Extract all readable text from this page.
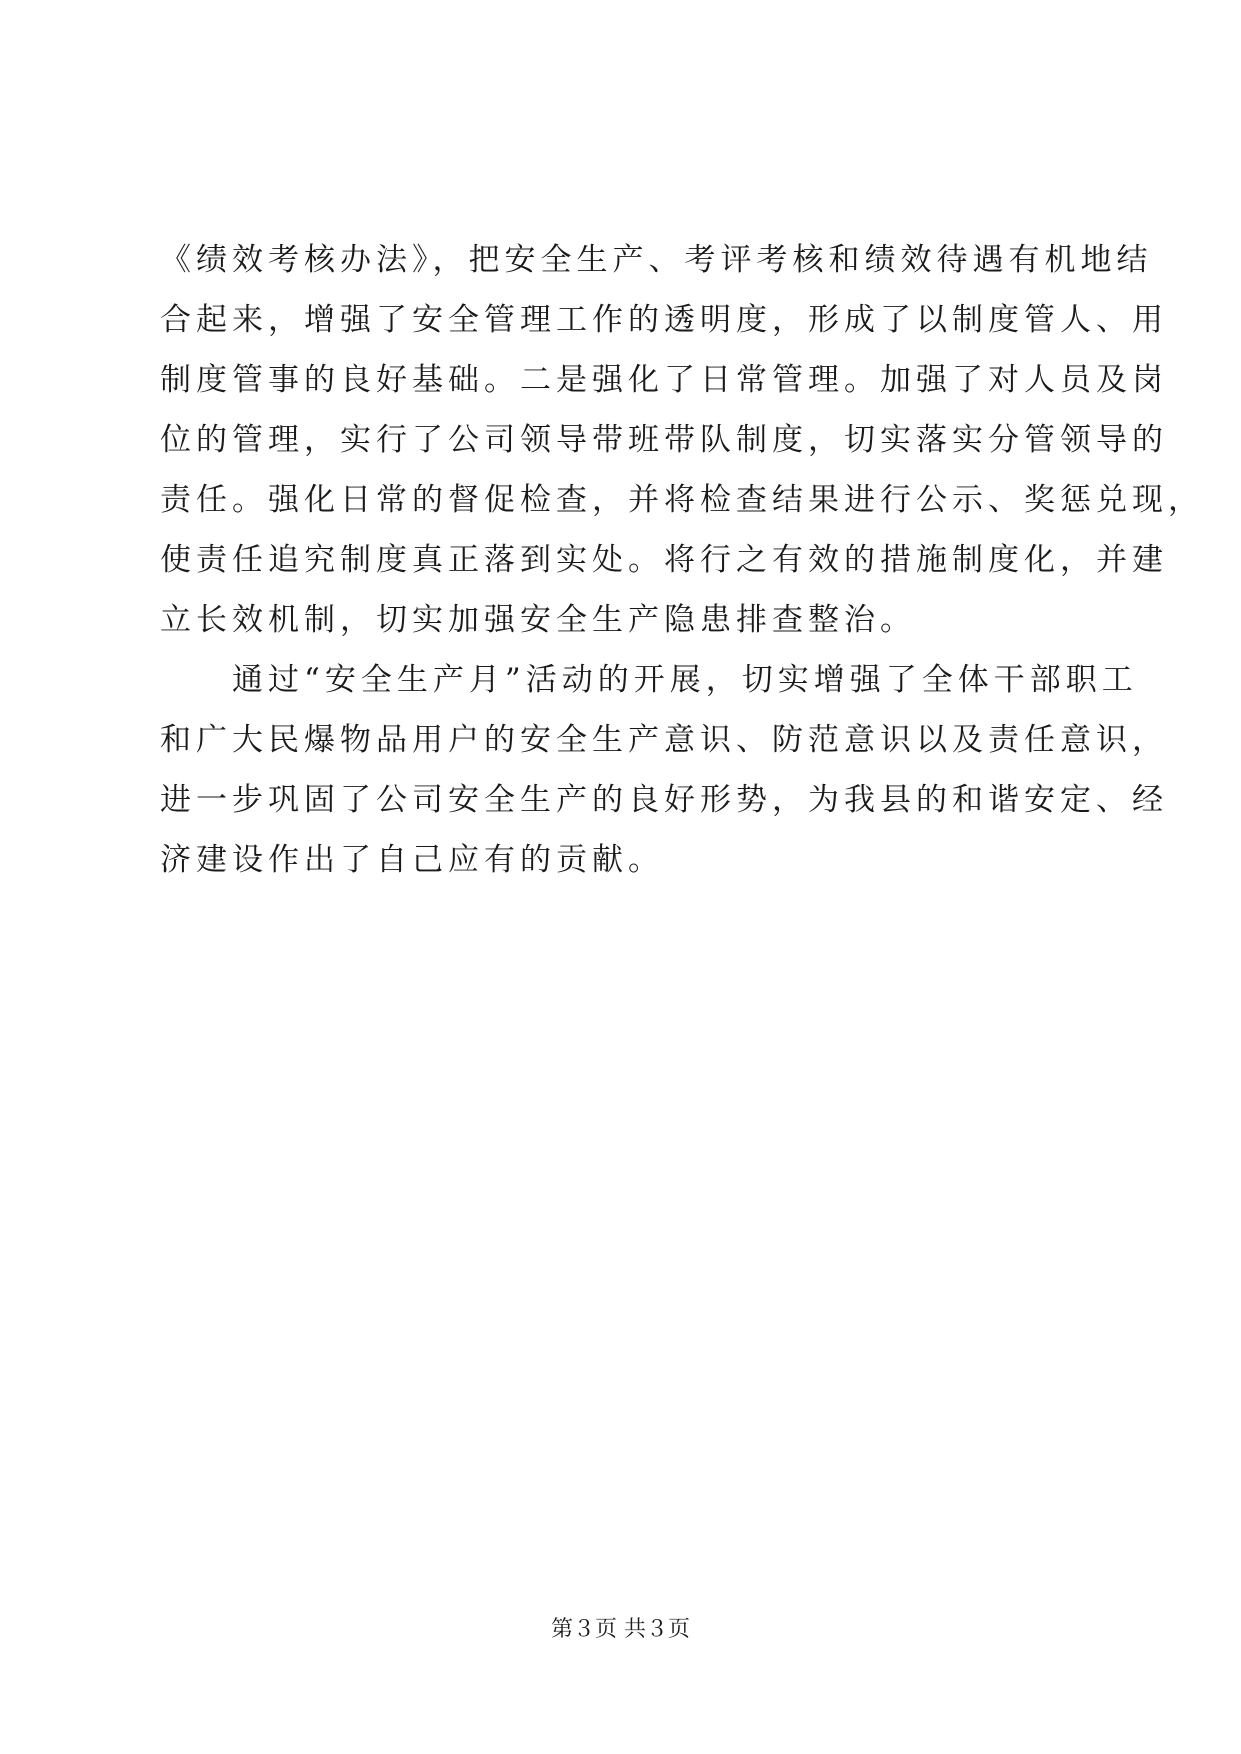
《绩效考核办法》，把安全生产、考评考核和绩效待遇有机地结
合起来，增强了安全管理工作的透明度，形成了以制度管人、用
制度管事的良好基础。二是强化了日常管理。加强了对人员及岗
位的管理，实行了公司领导带班带队制度，切实落实分管领导的
责任。强化日常的督促检查，并将检查结果进行公示、奖惩兑现，
使责任追究制度真正落到实处。将行之有效的措施制度化，并建
立长效机制，切实加强安全生产隐患排查整治。
通过“安全生产月”活动的开展，切实增强了全体干部职工
和广大民爆物品用户的安全生产意识、防范意识以及责任意识，
进一步巩固了公司安全生产的良好形势，为我县的和谐安定、经
济建设作出了自己应有的贡献。
第３页 共３页
